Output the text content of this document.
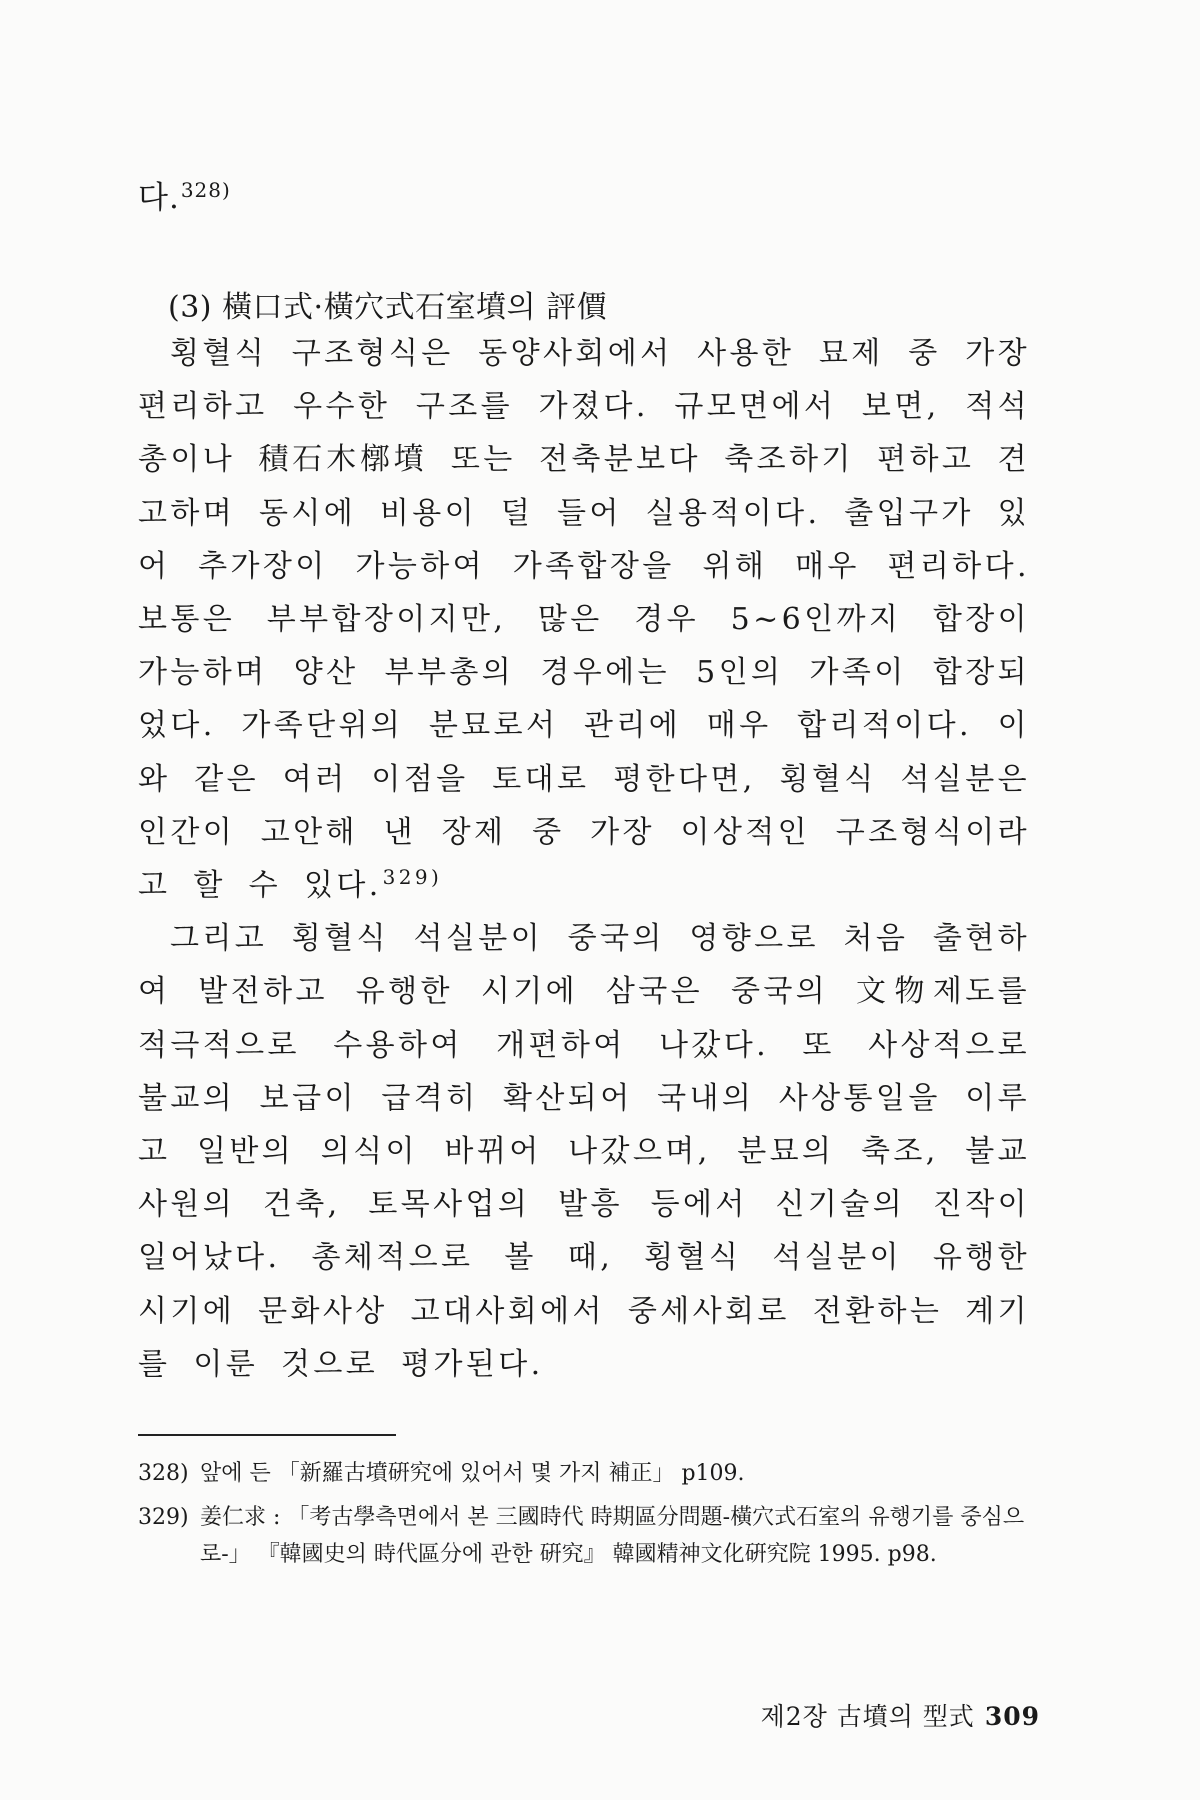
다.$^{328)}$
(3) 橫口式·橫穴式石室墳의 評價

횡혈식 구조형식은 동양사회에서 사용한 묘제 중 가장 편리하고 우수한 구조를 가졌다. 규모면에서 보면, 적석총이나 積石木槨墳 또는 전축분보다 축조하기 편하고 견고하며 동시에 비용이 덜 들어 실용적이다. 출입구가 있어 추가장이 가능하여 가족합장을 위해 매우 편리하다. 보통은 부부합장이지만, 많은 경우 5~6인까지 합장이 가능하며 양산 부부총의 경우에는 5인의 가족이 합장되었다. 가족단위의 분묘로서 관리에 매우 합리적이다. 이와 같은 여러 이점을 토대로 평한다면, 횡혈식 석실분은 인간이 고안해 낸 장제 중 가장 이상적인 구조형식이라고 할 수 있다.$^{329)}$

그리고 횡혈식 석실분이 중국의 영향으로 처음 출현하여 발전하고 유행한 시기에 삼국은 중국의 文物제도를 적극적으로 수용하여 개편하여 나갔다. 또 사상적으로 불교의 보급이 급격히 확산되어 국내의 사상통일을 이루고 일반의 의식이 바뀌어 나갔으며, 분묘의 축조, 불교사원의 건축, 토목사업의 발흥 등에서 신기술의 진작이 일어났다. 총체적으로 볼 때, 횡혈식 석실분이 유행한 시기에 문화사상 고대사회에서 중세사회로 전환하는 계기를 이룬 것으로 평가된다.

328) 앞에 든 「新羅古墳硏究에 있어서 몇 가지 補正」 p109.
329) 姜仁求 : 「考古學측면에서 본 三國時代 時期區分問題-橫穴式石室의 유행기를 중심으로-」 『韓國史의 時代區分에 관한 硏究』 韓國精神文化硏究院 1995. p98.
제2장 古墳의 型式 309
